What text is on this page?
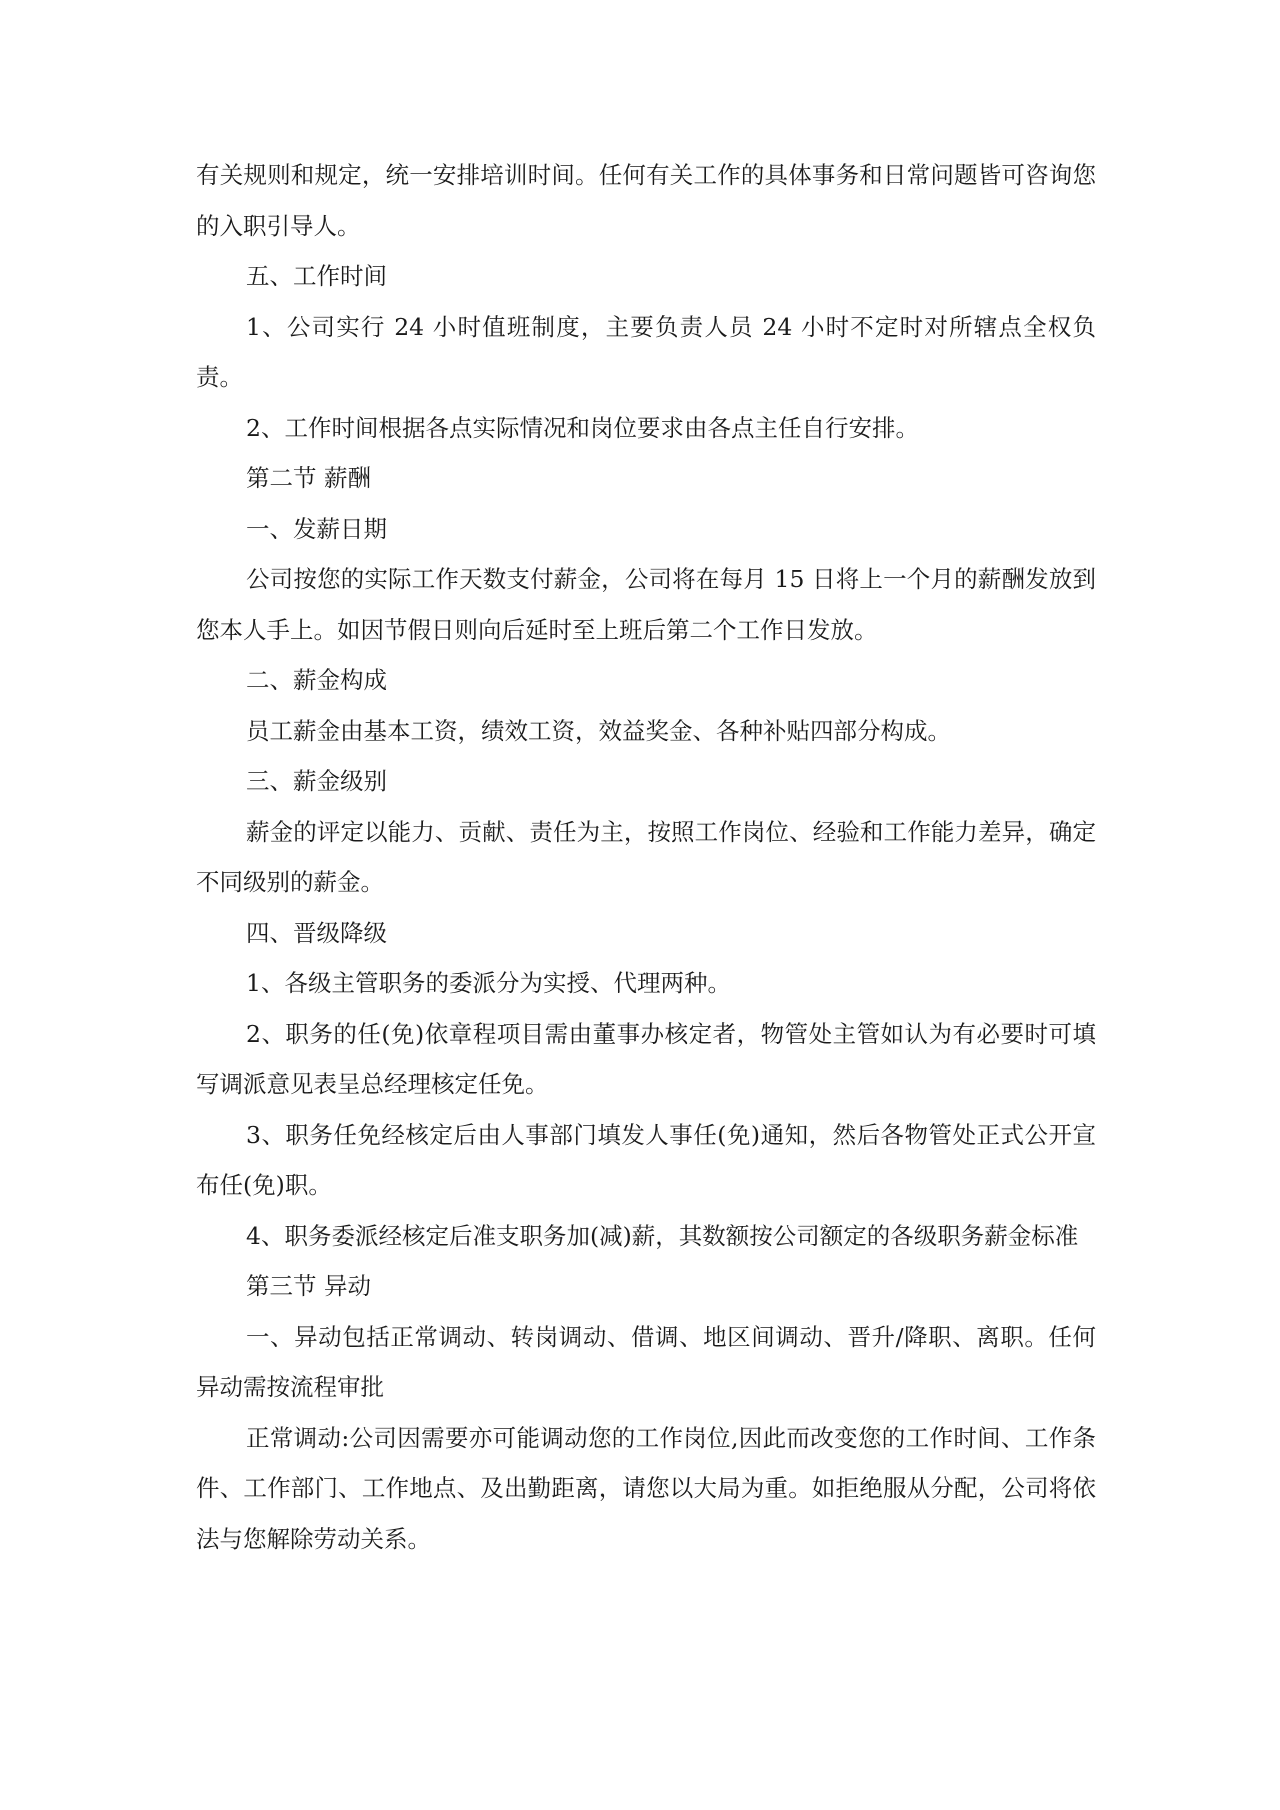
有关规则和规定，统一安排培训时间。任何有关工作的具体事务和日常问题皆可咨询您的入职引导人。

五、工作时间

1、公司实行 24 小时值班制度，主要负责人员 24 小时不定时对所辖点全权负责。

2、工作时间根据各点实际情况和岗位要求由各点主任自行安排。

第二节 薪酬

一、发薪日期

公司按您的实际工作天数支付薪金，公司将在每月 15 日将上一个月的薪酬发放到您本人手上。如因节假日则向后延时至上班后第二个工作日发放。

二、薪金构成

员工薪金由基本工资，绩效工资，效益奖金、各种补贴四部分构成。

三、薪金级别

薪金的评定以能力、贡献、责任为主，按照工作岗位、经验和工作能力差异，确定不同级别的薪金。

四、晋级降级

1、各级主管职务的委派分为实授、代理两种。

2、职务的任(免)依章程项目需由董事办核定者，物管处主管如认为有必要时可填写调派意见表呈总经理核定任免。

3、职务任免经核定后由人事部门填发人事任(免)通知，然后各物管处正式公开宣布任(免)职。

4、职务委派经核定后准支职务加(减)薪，其数额按公司额定的各级职务薪金标准

第三节 异动

一、异动包括正常调动、转岗调动、借调、地区间调动、晋升/降职、离职。任何异动需按流程审批

正常调动:公司因需要亦可能调动您的工作岗位,因此而改变您的工作时间、工作条件、工作部门、工作地点、及出勤距离，请您以大局为重。如拒绝服从分配，公司将依法与您解除劳动关系。
